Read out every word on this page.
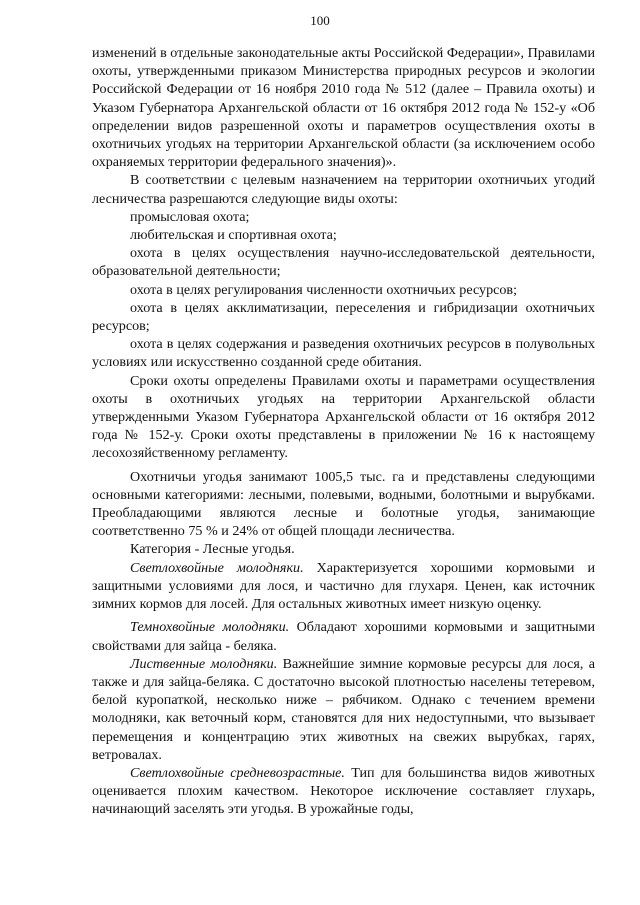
100

изменений в отдельные законодательные акты Российской Федерации», Правилами охоты, утвержденными приказом Министерства природных ресурсов и экологии Российской Федерации от 16 ноября 2010 года № 512 (далее – Правила охоты) и Указом Губернатора Архангельской области от 16 октября 2012 года № 152-у «Об определении видов разрешенной охоты и параметров осуществления охоты в охотничьих угодьях на территории Архангельской области (за исключением особо охраняемых территории федерального значения)».

В соответствии с целевым назначением на территории охотничьих угодий лесничества разрешаются следующие виды охоты:

промысловая охота;

любительская и спортивная охота;

охота в целях осуществления научно-исследовательской деятельности, образовательной деятельности;

охота в целях регулирования численности охотничьих ресурсов;

охота в целях акклиматизации, переселения и гибридизации охотничьих ресурсов;

охота в целях содержания и разведения охотничьих ресурсов в полувольных условиях или искусственно созданной среде обитания.

Сроки охоты определены Правилами охоты и параметрами осуществления охоты в охотничьих угодьях на территории Архангельской области утвержденными Указом Губернатора Архангельской области от 16 октября 2012 года № 152-у. Сроки охоты представлены в приложении № 16 к настоящему лесохозяйственному регламенту.

Охотничьи угодья занимают 1005,5 тыс. га и представлены следующими основными категориями: лесными, полевыми, водными, болотными и вырубками. Преобладающими являются лесные и болотные угодья, занимающие соответственно 75 % и 24% от общей площади лесничества.

Категория - Лесные угодья.

Светлохвойные молодняки. Характеризуется хорошими кормовыми и защитными условиями для лося, и частично для глухаря. Ценен, как источник зимних кормов для лосей. Для остальных животных имеет низкую оценку.

Темнохвойные молодняки. Обладают хорошими кормовыми и защитными свойствами для зайца - беляка.

Лиственные молодняки. Важнейшие зимние кормовые ресурсы для лося, а также и для зайца-беляка. С достаточно высокой плотностью населены тетеревом, белой куропаткой, несколько ниже – рябчиком. Однако с течением времени молодняки, как веточный корм, становятся для них недоступными, что вызывает перемещения и концентрацию этих животных на свежих вырубках, гарях, ветровалах.

Светлохвойные средневозрастные. Тип для большинства видов животных оценивается плохим качеством. Некоторое исключение составляет глухарь, начинающий заселять эти угодья. В урожайные годы,
